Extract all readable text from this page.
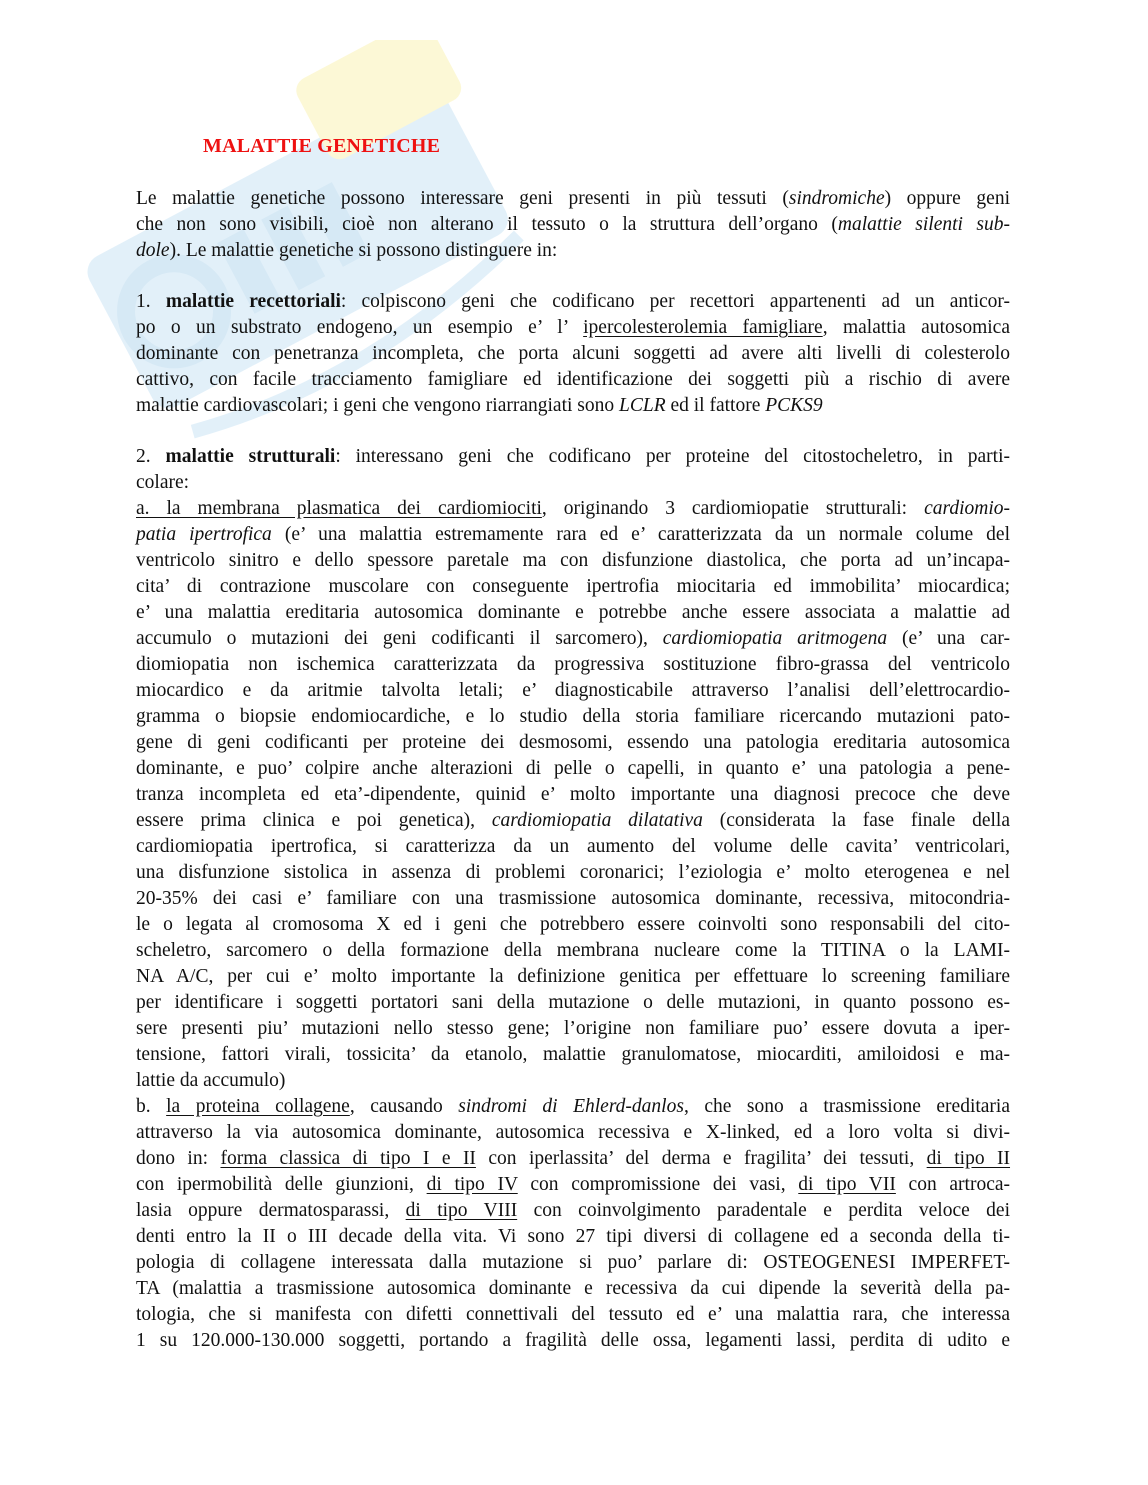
MALATTIE GENETICHE
Le malattie genetiche possono interessare geni presenti in più tessuti (sindromiche) oppure geni
che non sono visibili, cioè non alterano il tessuto o la struttura dell’organo (malattie silenti sub-
dole). Le malattie genetiche si possono distinguere in:
1. malattie recettoriali: colpiscono geni che codificano per recettori appartenenti ad un anticor-
po o un substrato endogeno, un esempio e’ l’ ipercolesterolemia famigliare, malattia autosomica
dominante con penetranza incompleta, che porta alcuni soggetti ad avere alti livelli di colesterolo
cattivo, con facile tracciamento famigliare ed identificazione dei soggetti più a rischio di avere
malattie cardiovascolari; i geni che vengono riarrangiati sono LCLR ed il fattore PCKS9
2. malattie strutturali: interessano geni che codificano per proteine del citostocheletro, in parti-
colare:
a. la membrana plasmatica dei cardiomiociti, originando 3 cardiomiopatie strutturali: cardiomio-
patia ipertrofica (e’ una malattia estremamente rara ed e’ caratterizzata da un normale colume del
ventricolo sinitro e dello spessore paretale ma con disfunzione diastolica, che porta ad un’incapa-
cita’ di contrazione muscolare con conseguente ipertrofia miocitaria ed immobilita’ miocardica;
e’ una malattia ereditaria autosomica dominante e potrebbe anche essere associata a malattie ad
accumulo o mutazioni dei geni codificanti il sarcomero), cardiomiopatia aritmogena (e’ una car-
diomiopatia non ischemica caratterizzata da progressiva sostituzione fibro-grassa del ventricolo
miocardico e da aritmie talvolta letali; e’ diagnosticabile attraverso l’analisi dell’elettrocardio-
gramma o biopsie endomiocardiche, e lo studio della storia familiare ricercando mutazioni pato-
gene di geni codificanti per proteine dei desmosomi, essendo una patologia ereditaria autosomica
dominante, e puo’ colpire anche alterazioni di pelle o capelli, in quanto e’ una patologia a pene-
tranza incompleta ed eta’-dipendente, quinid e’ molto importante una diagnosi precoce che deve
essere prima clinica e poi genetica), cardiomiopatia dilatativa (considerata la fase finale della
cardiomiopatia ipertrofica, si caratterizza da un aumento del volume delle cavita’ ventricolari,
una disfunzione sistolica in assenza di problemi coronarici; l’eziologia e’ molto eterogenea e nel
20-35% dei casi e’ familiare con una trasmissione autosomica dominante, recessiva, mitocondria-
le o legata al cromosoma X ed i geni che potrebbero essere coinvolti sono responsabili del cito-
scheletro, sarcomero o della formazione della membrana nucleare come la TITINA o la LAMI-
NA A/C, per cui e’ molto importante la definizione genitica per effettuare lo screening familiare
per identificare i soggetti portatori sani della mutazione o delle mutazioni, in quanto possono es-
sere presenti piu’ mutazioni nello stesso gene; l’origine non familiare puo’ essere dovuta a iper-
tensione, fattori virali, tossicita’ da etanolo, malattie granulomatose, miocarditi, amiloidosi e ma-
lattie da accumulo)
b. la proteina collagene, causando sindromi di Ehlerd-danlos, che sono a trasmissione ereditaria
attraverso la via autosomica dominante, autosomica recessiva e X-linked, ed a loro volta si divi-
dono in: forma classica di tipo I e II con iperlassita’ del derma e fragilita’ dei tessuti, di tipo II
con ipermobilità delle giunzioni, di tipo IV con compromissione dei vasi, di tipo VII con artroca-
lasia oppure dermatosparassi, di tipo VIII con coinvolgimento paradentale e perdita veloce dei
denti entro la II o III decade della vita. Vi sono 27 tipi diversi di collagene ed a seconda della ti-
pologia di collagene interessata dalla mutazione si puo’ parlare di: OSTEOGENESI IMPERFET-
TA (malattia a trasmissione autosomica dominante e recessiva da cui dipende la severità della pa-
tologia, che si manifesta con difetti connettivali del tessuto ed e’ una malattia rara, che interessa
1 su 120.000-130.000 soggetti, portando a fragilità delle ossa, legamenti lassi, perdita di udito e
